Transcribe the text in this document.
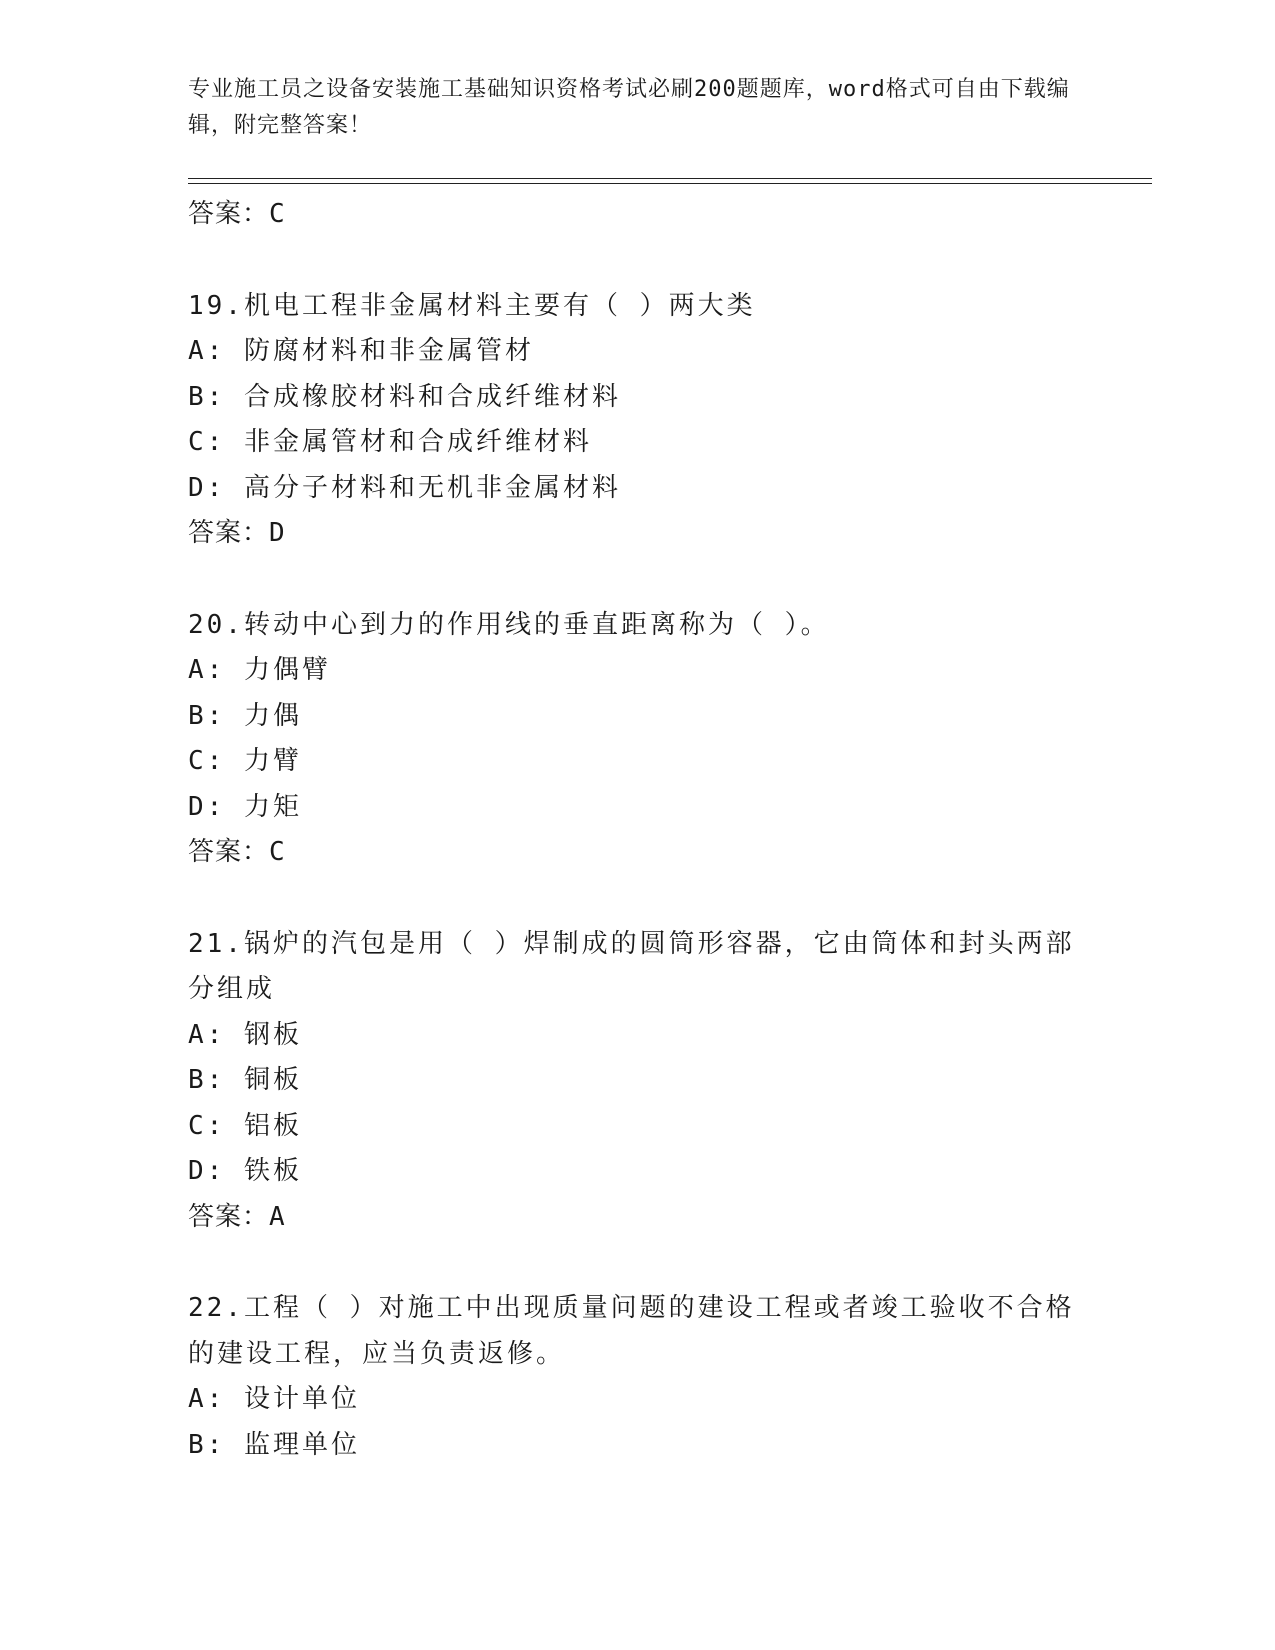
专业施工员之设备安装施工基础知识资格考试必刷200题题库，word格式可自由下载编辑，附完整答案！
答案：C
19.机电工程非金属材料主要有（ ）两大类
A: 防腐材料和非金属管材
B: 合成橡胶材料和合成纤维材料
C: 非金属管材和合成纤维材料
D: 高分子材料和无机非金属材料
答案：D
20.转动中心到力的作用线的垂直距离称为（ ）。
A: 力偶臂
B: 力偶
C: 力臂
D: 力矩
答案：C
21.锅炉的汽包是用（ ）焊制成的圆筒形容器，它由筒体和封头两部
分组成
A: 钢板
B: 铜板
C: 铝板
D: 铁板
答案：A
22.工程（ ）对施工中出现质量问题的建设工程或者竣工验收不合格
的建设工程，应当负责返修。
A: 设计单位
B: 监理单位
